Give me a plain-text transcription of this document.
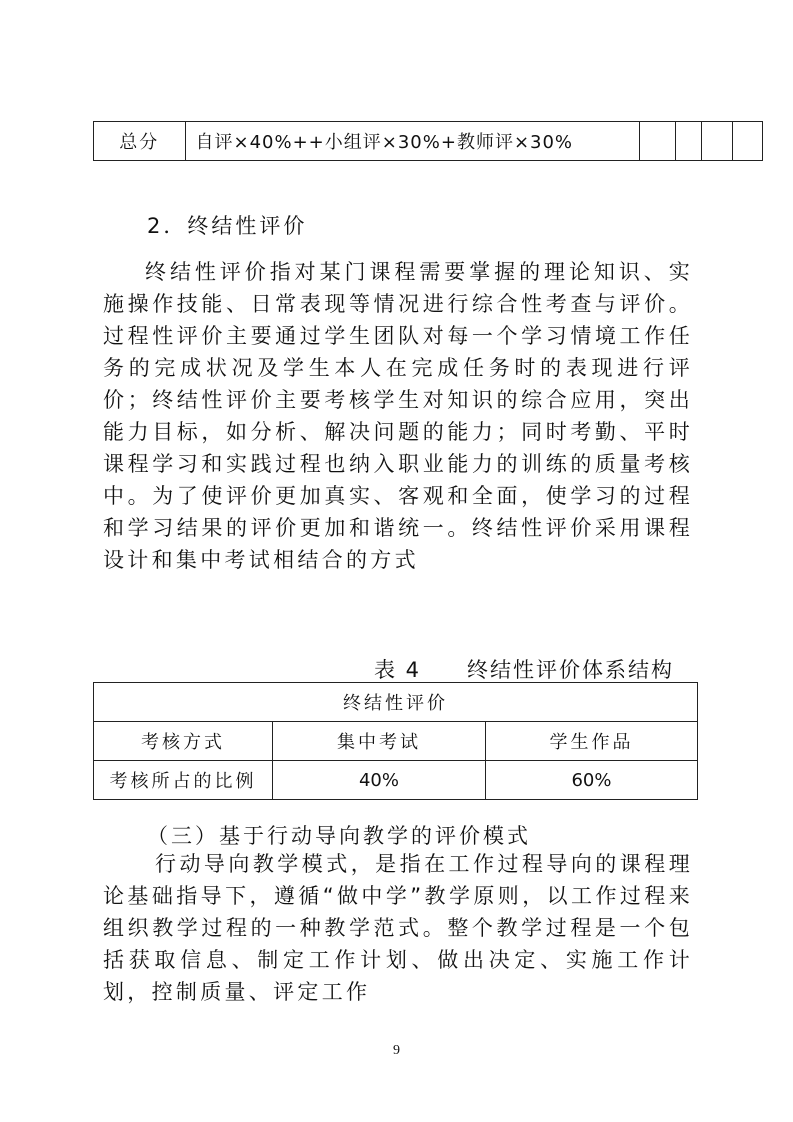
总分	自评×40%++小组评×30%+教师评×30%				
2．终结性评价

终结性评价指对某门课程需要掌握的理论知识、实施操作技能、日常表现等情况进行综合性考查与评价。过程性评价主要通过学生团队对每一个学习情境工作任务的完成状况及学生本人在完成任务时的表现进行评价；终结性评价主要考核学生对知识的综合应用，突出能力目标，如分析、解决问题的能力；同时考勤、平时课程学习和实践过程也纳入职业能力的训练的质量考核中。为了使评价更加真实、客观和全面，使学习的过程和学习结果的评价更加和谐统一。终结性评价采用课程设计和集中考试相结合的方式

表 4　　终结性评价体系结构
终结性评价		
考核方式	集中考试	学生作品
考核所占的比例	40%	60%
（三）基于行动导向教学的评价模式

行动导向教学模式，是指在工作过程导向的课程理论基础指导下，遵循“做中学”教学原则，以工作过程来组织教学过程的一种教学范式。整个教学过程是一个包括获取信息、制定工作计划、做出决定、实施工作计划，控制质量、评定工作

9
